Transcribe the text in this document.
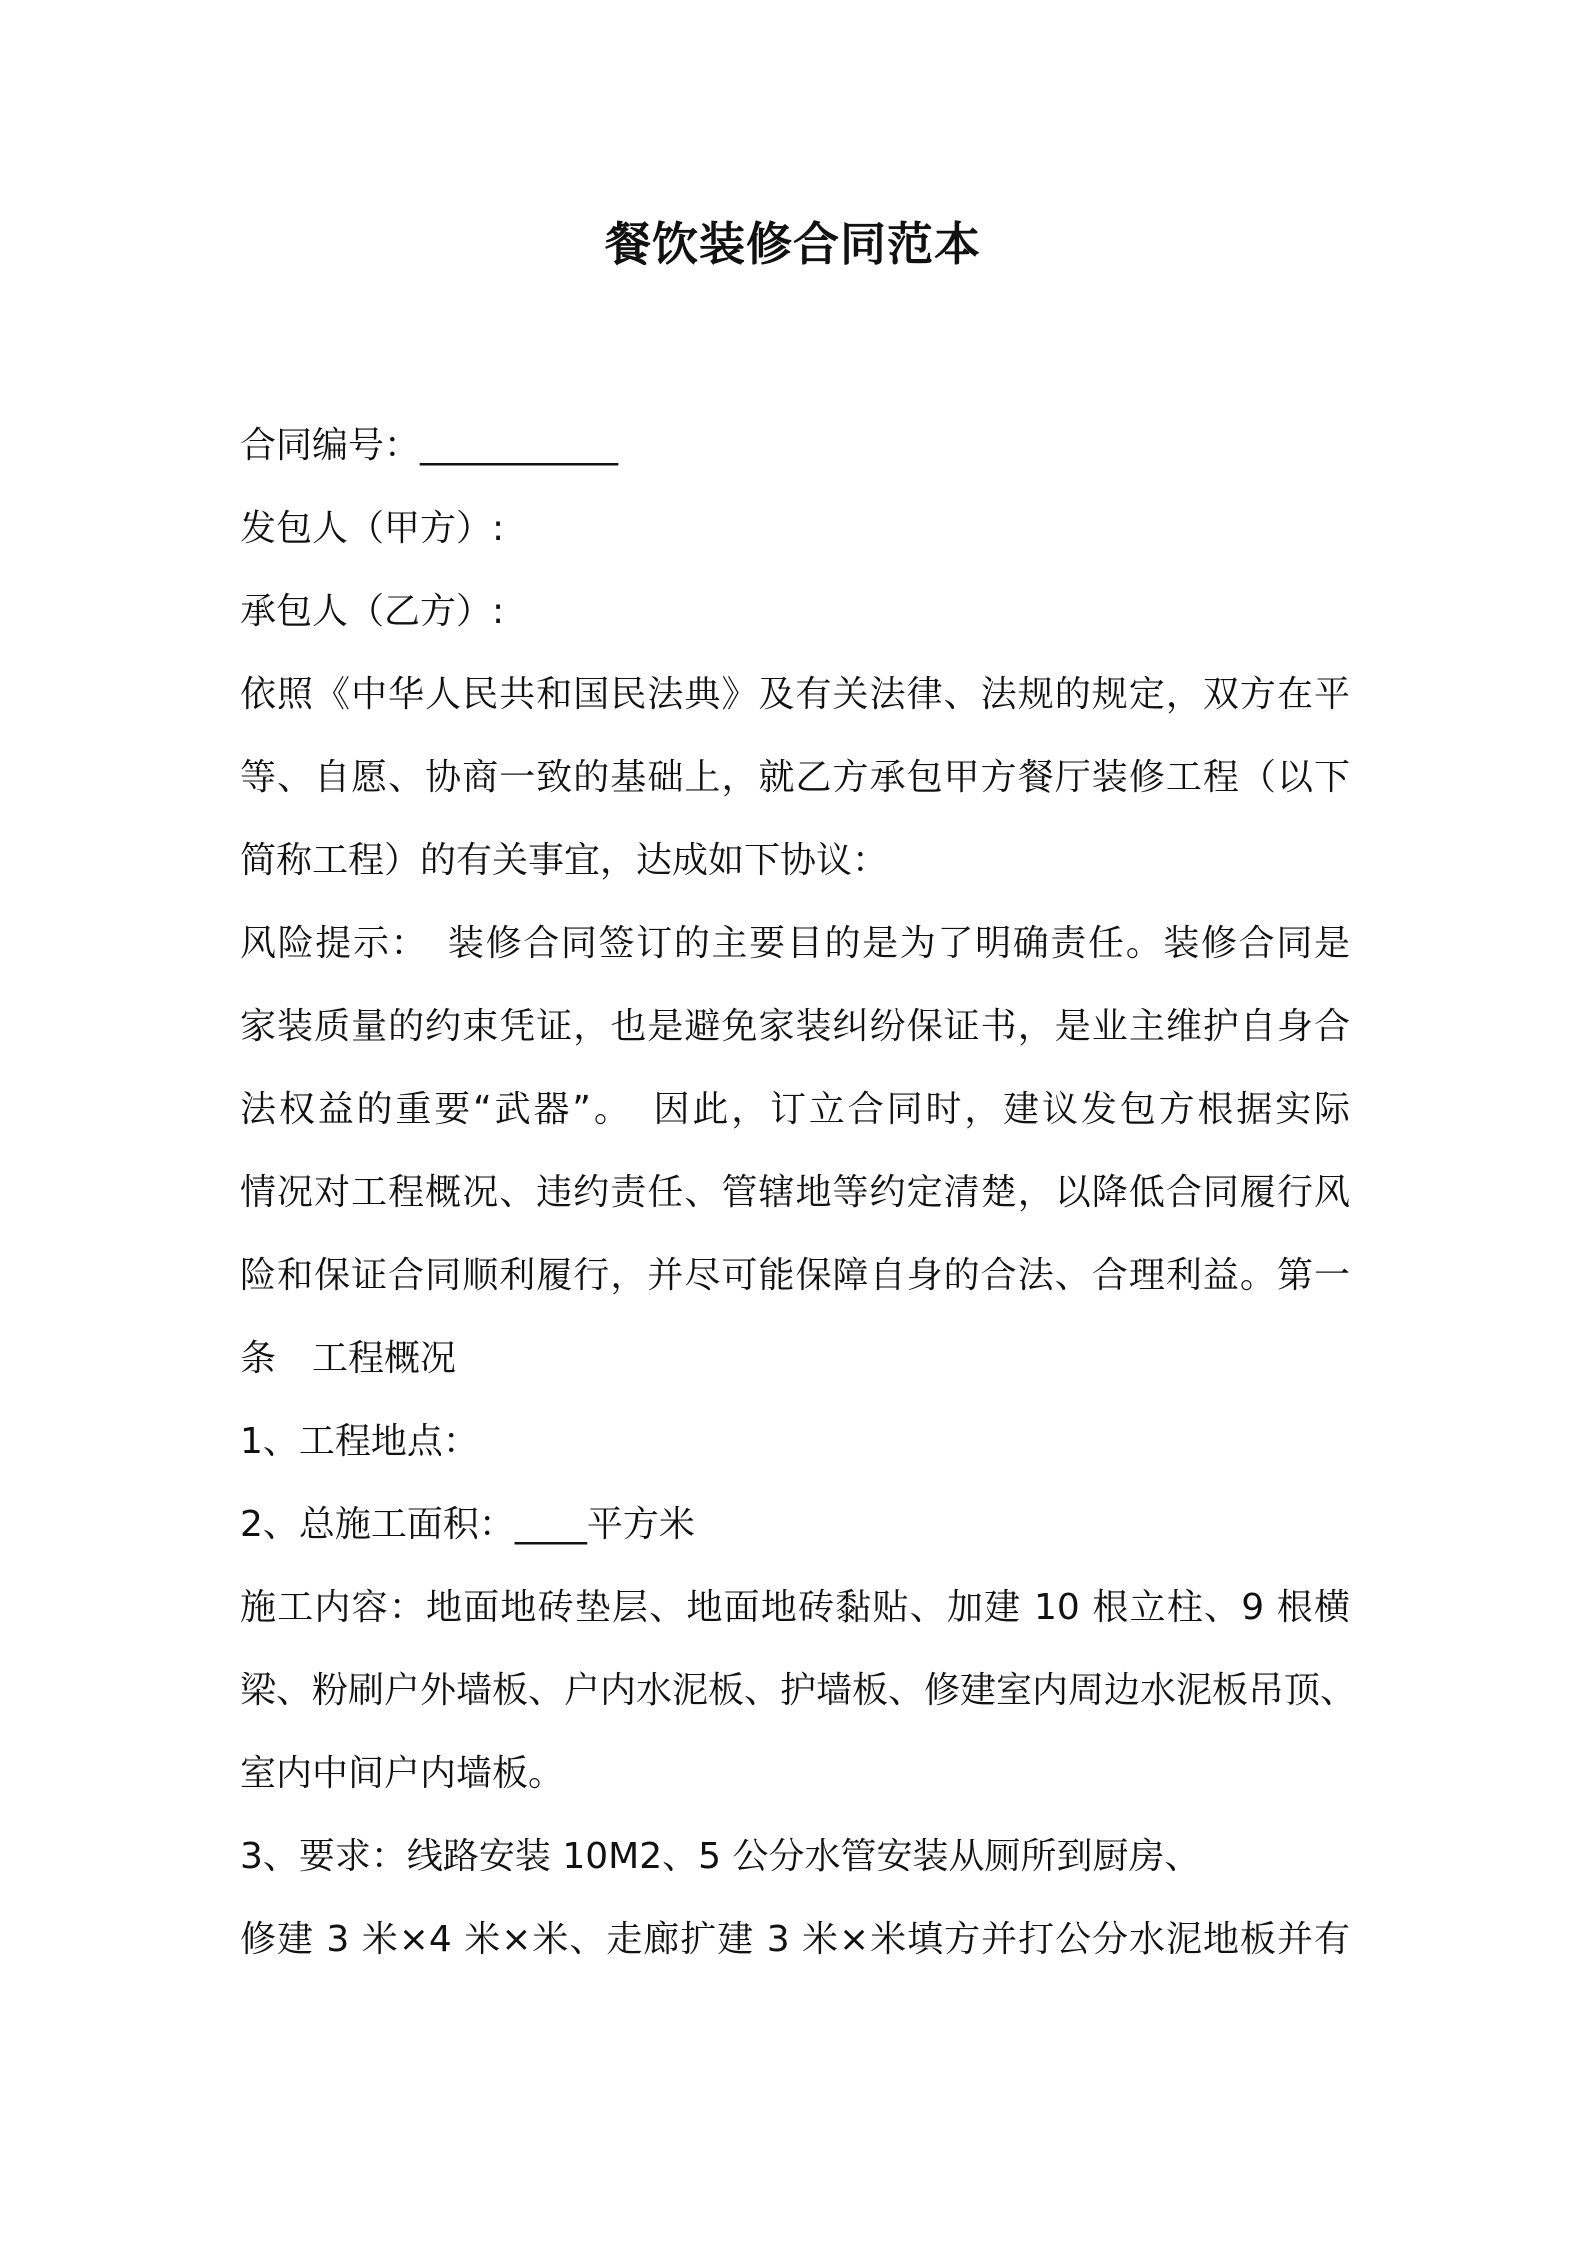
餐饮装修合同范本
合同编号：___________
发包人（甲方）:
承包人（乙方）:
依照《中华人民共和国民法典》及有关法律、法规的规定，双方在平
等、自愿、协商一致的基础上，就乙方承包甲方餐厅装修工程（以下
简称工程）的有关事宜，达成如下协议：
风险提示：　装修合同签订的主要目的是为了明确责任。装修合同是
家装质量的约束凭证，也是避免家装纠纷保证书，是业主维护自身合
法权益的重要“武器”。　因此，订立合同时，建议发包方根据实际
情况对工程概况、违约责任、管辖地等约定清楚，以降低合同履行风
险和保证合同顺利履行，并尽可能保障自身的合法、合理利益。第一
条　工程概况
1、工程地点：
2、总施工面积：____平方米
施工内容：地面地砖垫层、地面地砖黏贴、加建 10 根立柱、9 根横
梁、粉刷户外墙板、户内水泥板、护墙板、修建室内周边水泥板吊顶、
室内中间户内墙板。
3、要求：线路安装 10M2、5 公分水管安装从厕所到厨房、
修建 3 米×4 米×米、走廊扩建 3 米×米填方并打公分水泥地板并有
